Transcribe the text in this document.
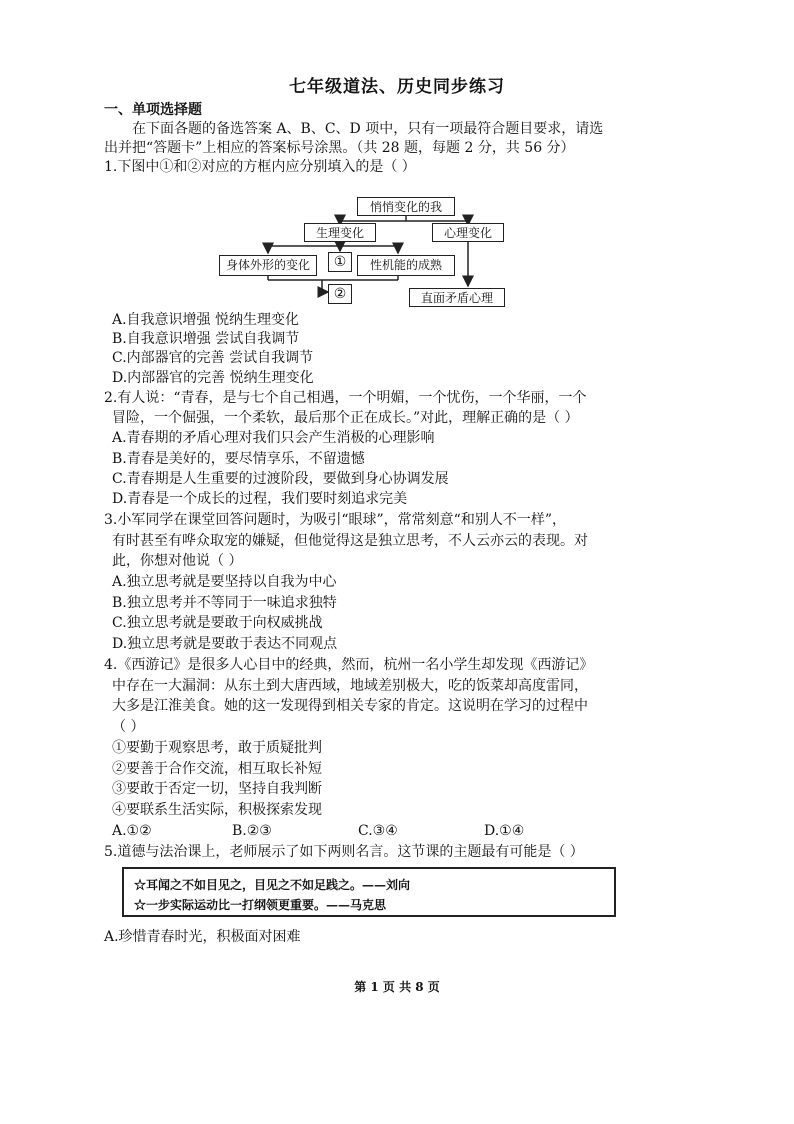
七年级道法、历史同步练习
一、单项选择题
在下面各题的备选答案 A、B、C、D 项中，只有一项最符合题目要求，请选
出并把“答题卡”上相应的答案标号涂黑。（共 28 题，每题 2 分，共 56 分）
1.下图中①和②对应的方框内应分别填入的是（ ）
悄悄变化的我
生理变化	心理变化
身体外形的变化	①	性机能的成熟
②	直面矛盾心理
A.自我意识增强 悦纳生理变化
B.自我意识增强 尝试自我调节
C.内部器官的完善 尝试自我调节
D.内部器官的完善 悦纳生理变化
2.有人说：“青春，是与七个自己相遇，一个明媚，一个忧伤，一个华丽，一个
冒险，一个倔强，一个柔软，最后那个正在成长。”对此，理解正确的是（ ）
A.青春期的矛盾心理对我们只会产生消极的心理影响
B.青春是美好的，要尽情享乐，不留遗憾
C.青春期是人生重要的过渡阶段，要做到身心协调发展
D.青春是一个成长的过程，我们要时刻追求完美
3.小军同学在课堂回答问题时，为吸引“眼球”，常常刻意“和别人不一样”，
有时甚至有哗众取宠的嫌疑，但他觉得这是独立思考，不人云亦云的表现。对
此，你想对他说（ ）
A.独立思考就是要坚持以自我为中心
B.独立思考并不等同于一味追求独特
C.独立思考就是要敢于向权威挑战
D.独立思考就是要敢于表达不同观点
4.《西游记》是很多人心目中的经典，然而，杭州一名小学生却发现《西游记》
中存在一大漏洞：从东土到大唐西域，地域差别极大，吃的饭菜却高度雷同，
大多是江淮美食。她的这一发现得到相关专家的肯定。这说明在学习的过程中
（ ）
①要勤于观察思考，敢于质疑批判
②要善于合作交流，相互取长补短
③要敢于否定一切，坚持自我判断
④要联系生活实际，积极探索发现
A.①②	B.②③	C.③④	D.①④
5.道德与法治课上，老师展示了如下两则名言。这节课的主题最有可能是（ ）
☆耳闻之不如目见之，目见之不如足践之。——刘向
☆一步实际运动比一打纲领更重要。——马克思
A.珍惜青春时光，积极面对困难
第 1 页 共 8 页
